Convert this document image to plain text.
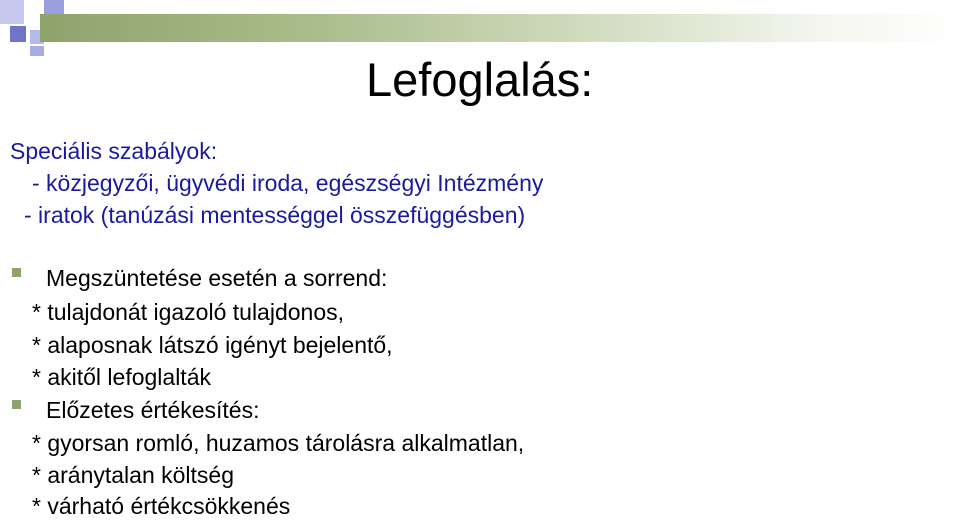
Lefoglalás:
Speciális szabályok:
- közjegyzői, ügyvédi iroda, egészségyi Intézmény
- iratok (tanúzási mentességgel összefüggésben)
Megszüntetése esetén a sorrend:
* tulajdonát igazoló tulajdonos,
* alaposnak látszó igényt bejelentő,
* akitől lefoglalták
Előzetes értékesítés:
* gyorsan romló, huzamos tárolásra alkalmatlan,
* aránytalan költség
* várható értékcsökkenés
